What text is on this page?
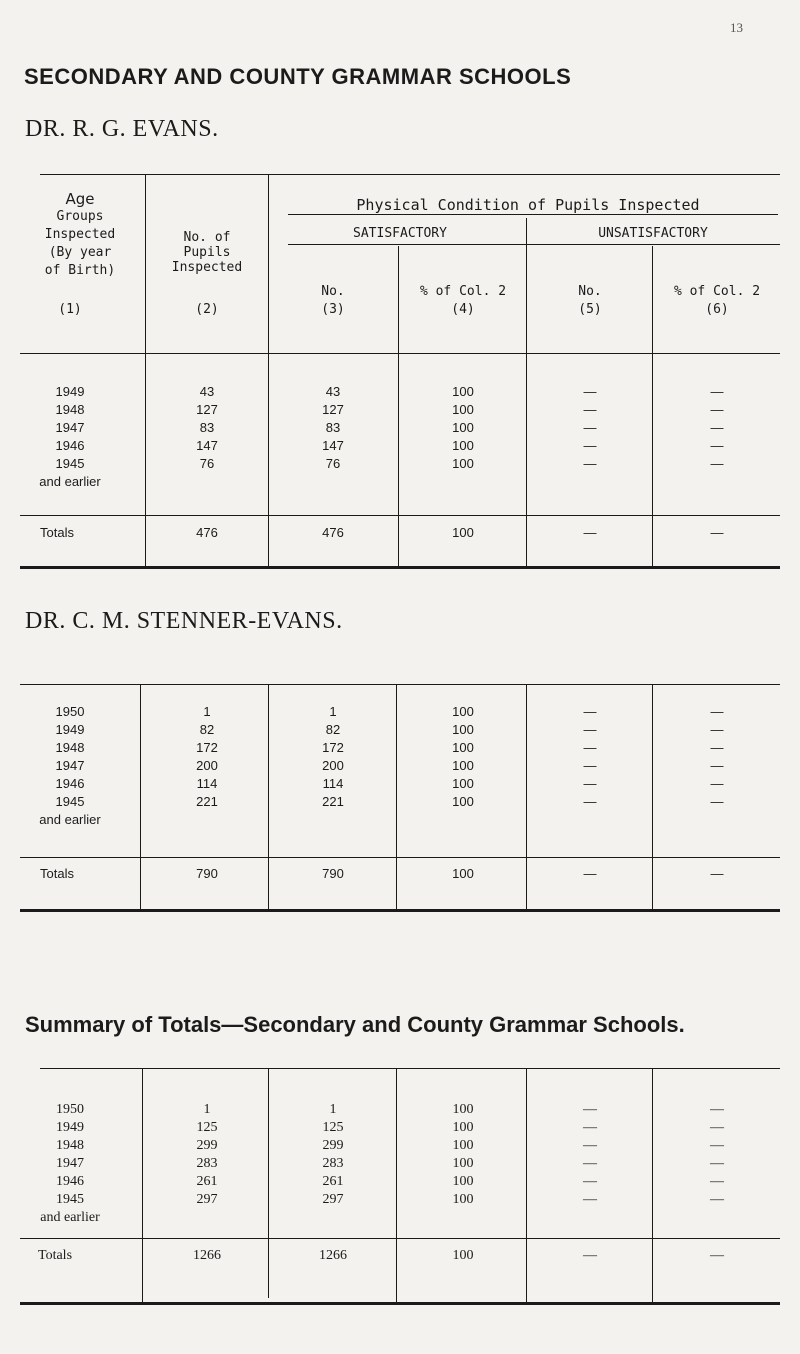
13
SECONDARY AND COUNTY GRAMMAR SCHOOLS
DR. R. G. EVANS.
Age
Groups
Inspected
(By year
of Birth)
(1)
No. of
Pupils
Inspected
(2)
Physical Condition of Pupils Inspected
SATISFACTORY	UNSATISFACTORY
No.	% of Col. 2	No.	% of Col. 2
(3)	(4)	(5)	(6)
1949	43	43	100	—	—
1948	127	127	100	—	—
1947	83	83	100	—	—
1946	147	147	100	—	—
1945	76	76	100	—	—
and earlier
Totals	476	476	100	—	—
DR. C. M. STENNER-EVANS.
1950	1	1	100	—	—
1949	82	82	100	—	—
1948	172	172	100	—	—
1947	200	200	100	—	—
1946	114	114	100	—	—
1945	221	221	100	—	—
and earlier
Totals	790	790	100	—	—
Summary of Totals—Secondary and County Grammar Schools.
1950	1	1	100	—	—
1949	125	125	100	—	—
1948	299	299	100	—	—
1947	283	283	100	—	—
1946	261	261	100	—	—
1945	297	297	100	—	—
and earlier
Totals	1266	1266	100	—	—
